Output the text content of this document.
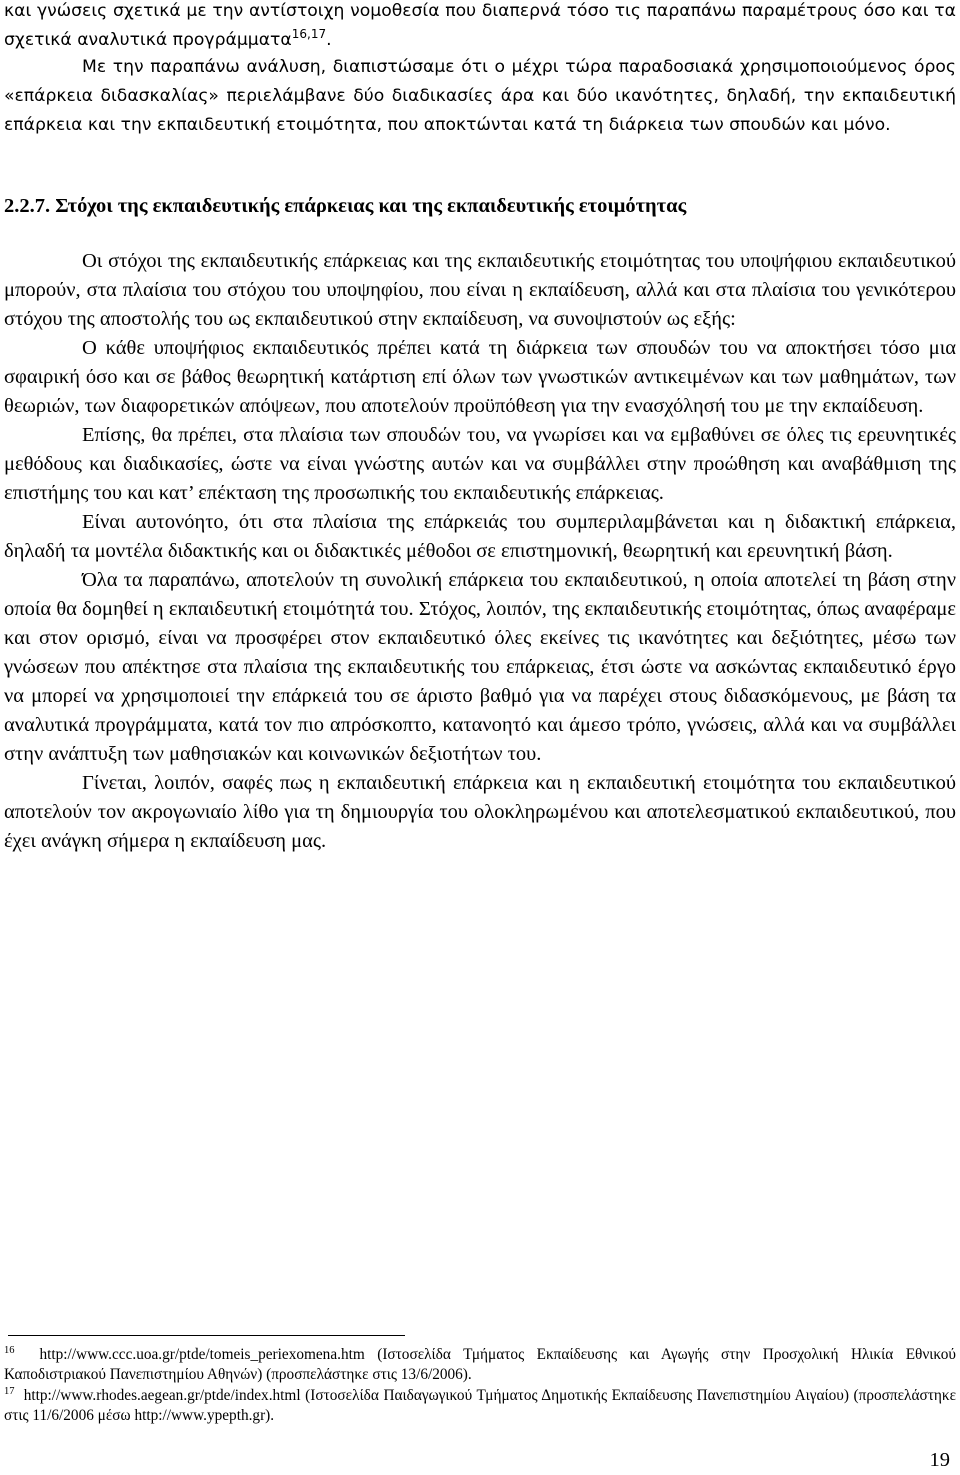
και γνώσεις σχετικά με την αντίστοιχη νομοθεσία που διαπερνά τόσο τις παραπάνω παραμέτρους όσο και τα σχετικά αναλυτικά προγράμματα$^{16,17}$.

Με την παραπάνω ανάλυση, διαπιστώσαμε ότι ο μέχρι τώρα παραδοσιακά χρησιμοποιούμενος όρος «επάρκεια διδασκαλίας» περιελάμβανε δύο διαδικασίες άρα και δύο ικανότητες, δηλαδή, την εκπαιδευτική επάρκεια και την εκπαιδευτική ετοιμότητα, που αποκτώνται κατά τη διάρκεια των σπουδών και μόνο.

2.2.7. Στόχοι της εκπαιδευτικής επάρκειας και της εκπαιδευτικής ετοιμότητας

Οι στόχοι της εκπαιδευτικής επάρκειας και της εκπαιδευτικής ετοιμότητας του υποψήφιου εκπαιδευτικού μπορούν, στα πλαίσια του στόχου του υποψηφίου, που είναι η εκπαίδευση, αλλά και στα πλαίσια του γενικότερου στόχου της αποστολής του ως εκπαιδευτικού στην εκπαίδευση, να συνοψιστούν ως εξής:

Ο κάθε υποψήφιος εκπαιδευτικός πρέπει κατά τη διάρκεια των σπουδών του να αποκτήσει τόσο μια σφαιρική όσο και σε βάθος θεωρητική κατάρτιση επί όλων των γνωστικών αντικειμένων και των μαθημάτων, των θεωριών, των διαφορετικών απόψεων, που αποτελούν προϋπόθεση για την ενασχόλησή του με την εκπαίδευση.

Επίσης, θα πρέπει, στα πλαίσια των σπουδών του, να γνωρίσει και να εμβαθύνει σε όλες τις ερευνητικές μεθόδους και διαδικασίες, ώστε να είναι γνώστης αυτών και να συμβάλλει στην προώθηση και αναβάθμιση της επιστήμης του και κατ’ επέκταση της προσωπικής του εκπαιδευτικής επάρκειας.

Είναι αυτονόητο, ότι στα πλαίσια της επάρκειάς του συμπεριλαμβάνεται και η διδακτική επάρκεια, δηλαδή τα μοντέλα διδακτικής και οι διδακτικές μέθοδοι σε επιστημονική, θεωρητική και ερευνητική βάση.

Όλα τα παραπάνω, αποτελούν τη συνολική επάρκεια του εκπαιδευτικού, η οποία αποτελεί τη βάση στην οποία θα δομηθεί η εκπαιδευτική ετοιμότητά του. Στόχος, λοιπόν, της εκπαιδευτικής ετοιμότητας, όπως αναφέραμε και στον ορισμό, είναι να προσφέρει στον εκπαιδευτικό όλες εκείνες τις ικανότητες και δεξιότητες, μέσω των γνώσεων που απέκτησε στα πλαίσια της εκπαιδευτικής του επάρκειας, έτσι ώστε να ασκώντας εκπαιδευτικό έργο να μπορεί να χρησιμοποιεί την επάρκειά του σε άριστο βαθμό για να παρέχει στους διδασκόμενους, με βάση τα αναλυτικά προγράμματα, κατά τον πιο απρόσκοπτο, κατανοητό και άμεσο τρόπο, γνώσεις, αλλά και να συμβάλλει στην ανάπτυξη των μαθησιακών και κοινωνικών δεξιοτήτων του.

Γίνεται, λοιπόν, σαφές πως η εκπαιδευτική επάρκεια και η εκπαιδευτική ετοιμότητα του εκπαιδευτικού αποτελούν τον ακρογωνιαίο λίθο για τη δημιουργία του ολοκληρωμένου και αποτελεσματικού εκπαιδευτικού, που έχει ανάγκη σήμερα η εκπαίδευση μας.

$^{16}$ http://www.ccc.uoa.gr/ptde/tomeis_periexomena.htm (Ιστοσελίδα Τμήματος Εκπαίδευσης και Αγωγής στην Προσχολική Ηλικία Εθνικού Καποδιστριακού Πανεπιστημίου Αθηνών) (προσπελάστηκε στις 13/6/2006).

$^{17}$ http://www.rhodes.aegean.gr/ptde/index.html (Ιστοσελίδα Παιδαγωγικού Τμήματος Δημοτικής Εκπαίδευσης Πανεπιστημίου Αιγαίου) (προσπελάστηκε στις 11/6/2006 μέσω http://www.ypepth.gr).

19
